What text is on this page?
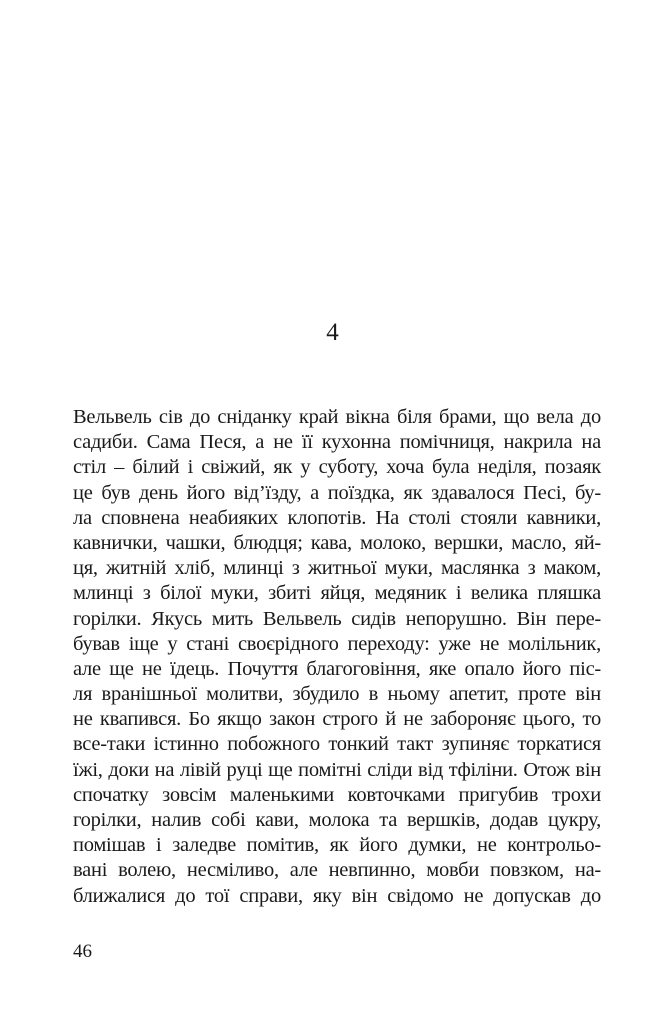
4
Вельвель сів до сніданку край вікна біля брами, що вела до
садиби. Сама Песя, а не її кухонна помічниця, накрила на
стіл – білий і свіжий, як у суботу, хоча була неділя, позаяк
це був день його від’їзду, а поїздка, як здавалося Песі, бу-
ла сповнена неабияких клопотів. На столі стояли кавники,
кавнички, чашки, блюдця; кава, молоко, вершки, масло, яй-
ця, житній хліб, млинці з житньої муки, маслянка з маком,
млинці з білої муки, збиті яйця, медяник і велика пляшка
горілки. Якусь мить Вельвель сидів непорушно. Він пере-
бував іще у стані своєрідного переходу: уже не молільник,
але ще не їдець. Почуття благоговіння, яке опало його піс-
ля вранішньої молитви, збудило в ньому апетит, проте він
не квапився. Бо якщо закон строго й не забороняє цього, то
все-таки істинно побожного тонкий такт зупиняє торкатися
їжі, доки на лівій руці ще помітні сліди від тфіліни. Отож він
спочатку зовсім маленькими ковточками пригубив трохи
горілки, налив собі кави, молока та вершків, додав цукру,
помішав і заледве помітив, як його думки, не контрольо-
вані волею, несміливо, але невпинно, мовби повзком, на-
ближалися до тої справи, яку він свідомо не допускав до
46
